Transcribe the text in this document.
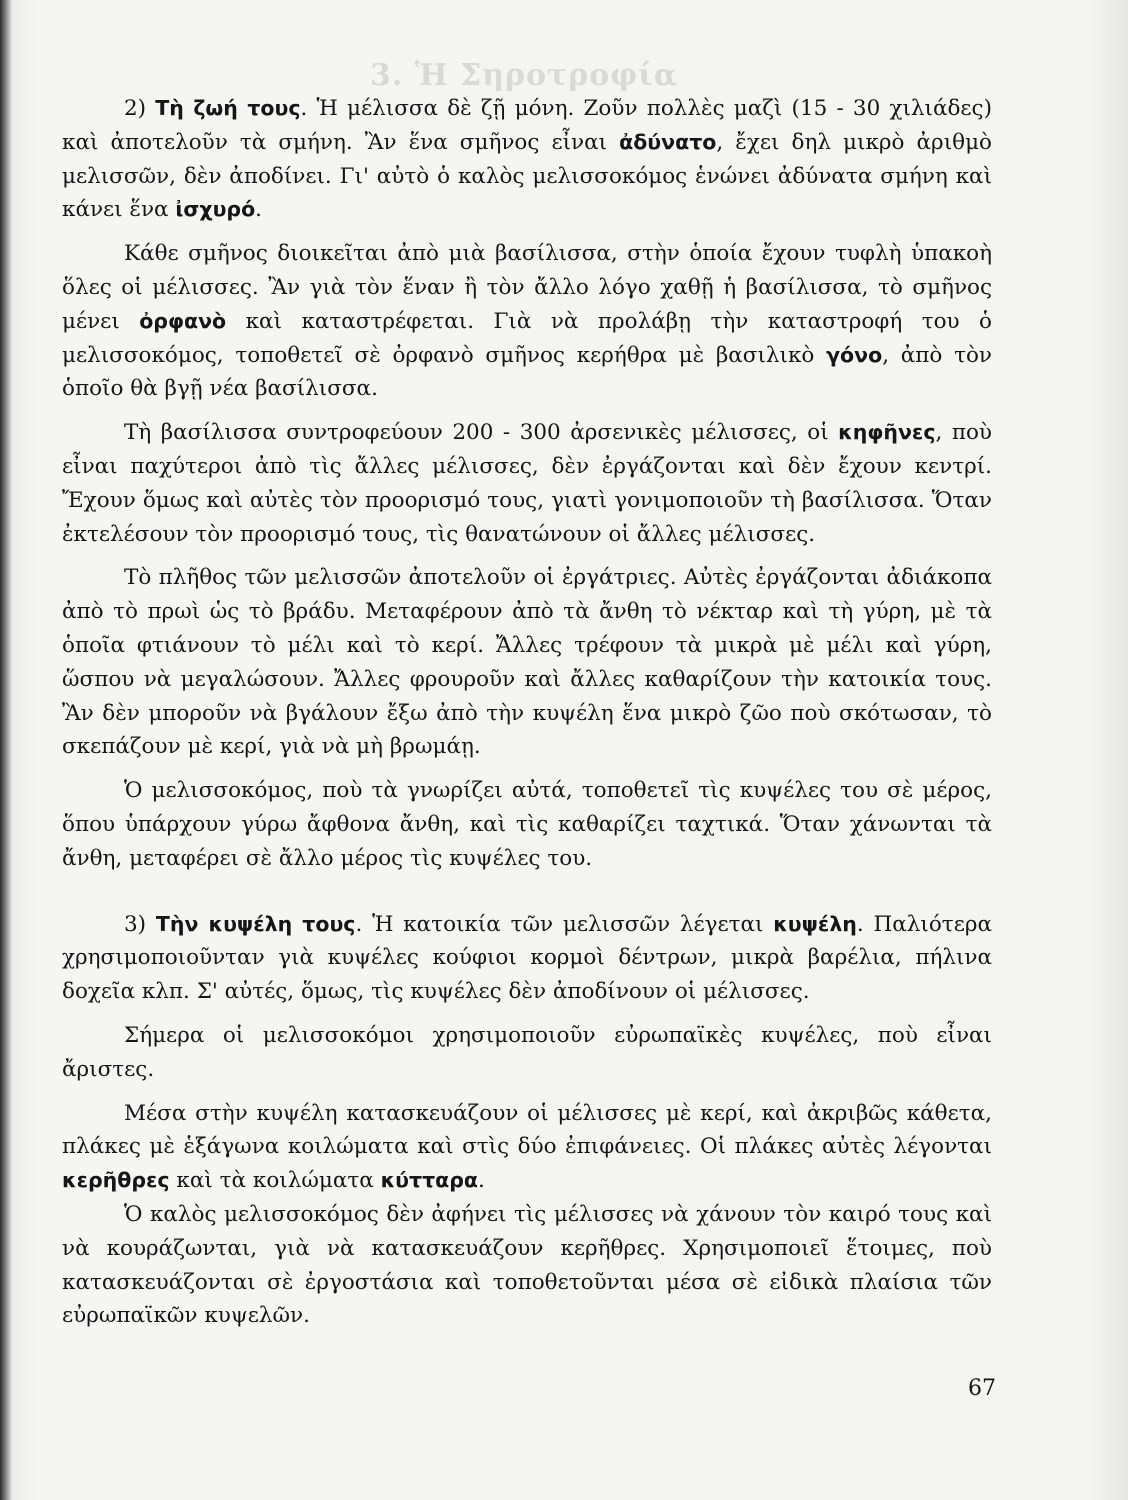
3. Ἡ Σηροτροφία

2) Τὴ ζωή τους. Ἡ μέλισσα δὲ ζῇ μόνη. Ζοῦν πολλὲς μαζὶ (15 - 30 χιλιάδες) καὶ ἀποτελοῦν τὰ σμήνη. Ἂν ἕνα σμῆνος εἶναι ἀδύνατο, ἔχει δηλ μικρὸ ἀριθμὸ μελισσῶν, δὲν ἀποδίνει. Γι' αὐτὸ ὁ καλὸς μελισσοκόμος ἑνώνει ἀδύνατα σμήνη καὶ κάνει ἕνα ἰσχυρό.

Κάθε σμῆνος διοικεῖται ἀπὸ μιὰ βασίλισσα, στὴν ὁποία ἔχουν τυφλὴ ὑπακοὴ ὅλες οἱ μέλισσες. Ἂν γιὰ τὸν ἕναν ἢ τὸν ἄλλο λόγο χαθῇ ἡ βασίλισσα, τὸ σμῆνος μένει ὀρφανὸ καὶ καταστρέφεται. Γιὰ νὰ προλάβῃ τὴν καταστροφή του ὁ μελισσοκόμος, τοποθετεῖ σὲ ὀρφανὸ σμῆνος κερήθρα μὲ βασιλικὸ γόνο, ἀπὸ τὸν ὁποῖο θὰ βγῇ νέα βασίλισσα.

Τὴ βασίλισσα συντροφεύουν 200 - 300 ἀρσενικὲς μέλισσες, οἱ κηφῆνες, ποὺ εἶναι παχύτεροι ἀπὸ τὶς ἄλλες μέλισσες, δὲν ἐργάζονται καὶ δὲν ἔχουν κεντρί. Ἔχουν ὅμως καὶ αὐτὲς τὸν προορισμό τους, γιατὶ γονιμοποιοῦν τὴ βασίλισσα. Ὅταν ἐκτελέσουν τὸν προορισμό τους, τὶς θανατώνουν οἱ ἄλλες μέλισσες.

Τὸ πλῆθος τῶν μελισσῶν ἀποτελοῦν οἱ ἐργάτριες. Αὐτὲς ἐργάζονται ἀδιάκοπα ἀπὸ τὸ πρωὶ ὡς τὸ βράδυ. Μεταφέρουν ἀπὸ τὰ ἄνθη τὸ νέκταρ καὶ τὴ γύρη, μὲ τὰ ὁποῖα φτιάνουν τὸ μέλι καὶ τὸ κερί. Ἄλλες τρέφουν τὰ μικρὰ μὲ μέλι καὶ γύρη, ὥσπου νὰ μεγαλώσουν. Ἄλλες φρουροῦν καὶ ἄλλες καθαρίζουν τὴν κατοικία τους. Ἂν δὲν μποροῦν νὰ βγάλουν ἔξω ἀπὸ τὴν κυψέλη ἕνα μικρὸ ζῶο ποὺ σκότωσαν, τὸ σκεπάζουν μὲ κερί, γιὰ νὰ μὴ βρωμάῃ.

Ὁ μελισσοκόμος, ποὺ τὰ γνωρίζει αὐτά, τοποθετεῖ τὶς κυψέλες του σὲ μέρος, ὅπου ὑπάρχουν γύρω ἄφθονα ἄνθη, καὶ τὶς καθαρίζει ταχτικά. Ὅταν χάνωνται τὰ ἄνθη, μεταφέρει σὲ ἄλλο μέρος τὶς κυψέλες του.

3) Τὴν κυψέλη τους. Ἡ κατοικία τῶν μελισσῶν λέγεται κυψέλη. Παλιότερα χρησιμοποιοῦνταν γιὰ κυψέλες κούφιοι κορμοὶ δέντρων, μικρὰ βαρέλια, πήλινα δοχεῖα κλπ. Σ' αὐτές, ὅμως, τὶς κυψέλες δὲν ἀποδίνουν οἱ μέλισσες.

Σήμερα οἱ μελισσοκόμοι χρησιμοποιοῦν εὐρωπαϊκὲς κυψέλες, ποὺ εἶναι ἄριστες.

Μέσα στὴν κυψέλη κατασκευάζουν οἱ μέλισσες μὲ κερί, καὶ ἀκριβῶς κάθετα, πλάκες μὲ ἑξάγωνα κοιλώματα καὶ στὶς δύο ἐπιφάνειες. Οἱ πλάκες αὐτὲς λέγονται κερῆθρες καὶ τὰ κοιλώματα κύτταρα.

Ὁ καλὸς μελισσοκόμος δὲν ἀφήνει τὶς μέλισσες νὰ χάνουν τὸν καιρό τους καὶ νὰ κουράζωνται, γιὰ νὰ κατασκευάζουν κερῆθρες. Χρησιμοποιεῖ ἕτοιμες, ποὺ κατασκευάζονται σὲ ἐργοστάσια καὶ τοποθετοῦνται μέσα σὲ εἰδικὰ πλαίσια τῶν εὐρωπαϊκῶν κυψελῶν.

67
